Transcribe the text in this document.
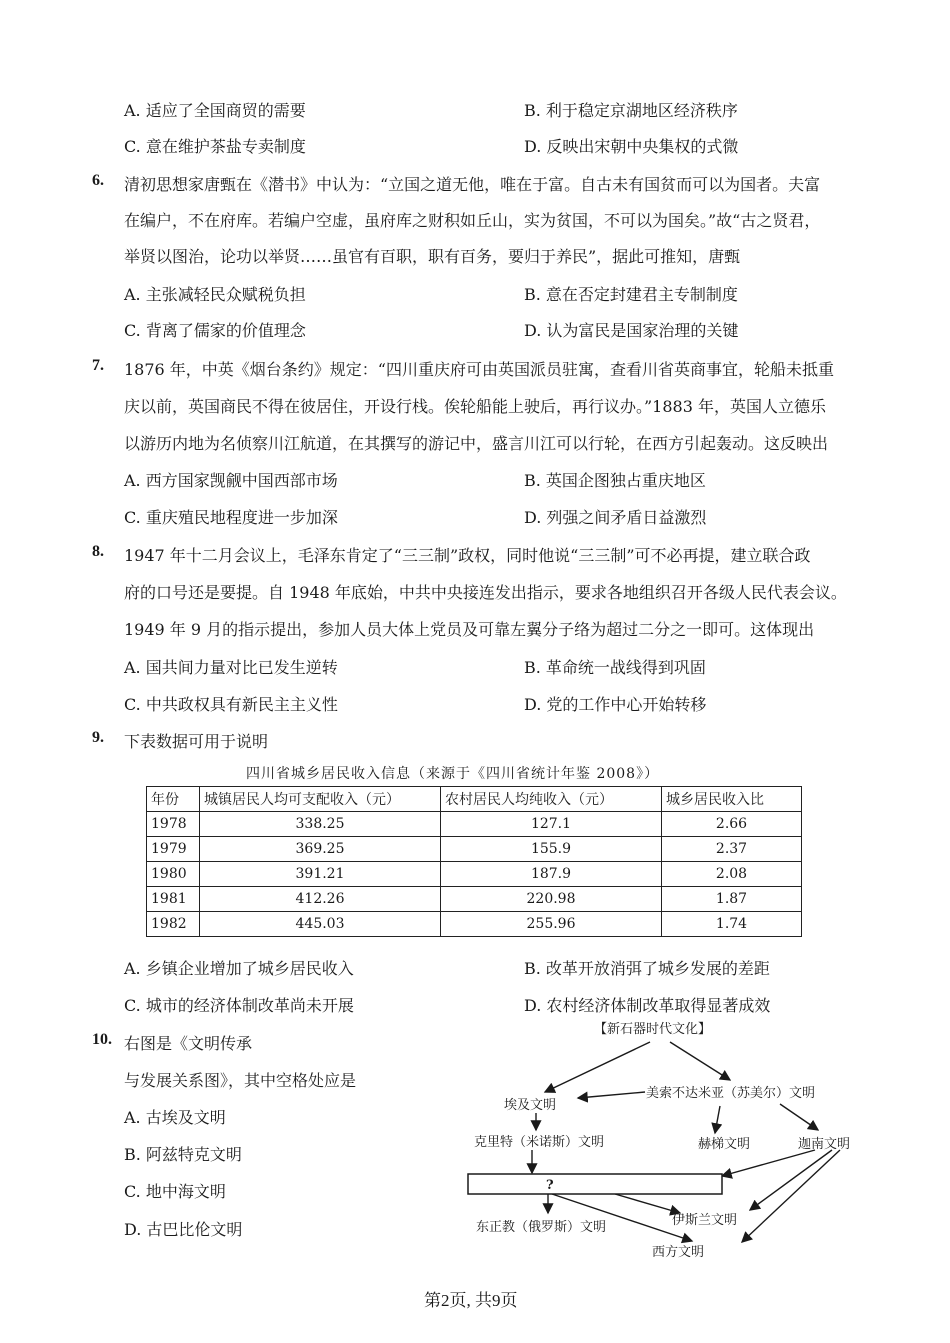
A. 适应了全国商贸的需要	B. 利于稳定京湖地区经济秩序
C. 意在维护茶盐专卖制度	D. 反映出宋朝中央集权的式微
6. 清初思想家唐甄在《潜书》中认为：“立国之道无他，唯在于富。自古未有国贫而可以为国者。夫富
在编户，不在府库。若编户空虚，虽府库之财积如丘山，实为贫国，不可以为国矣。”故“古之贤君，
举贤以图治，论功以举贤……虽官有百职，职有百务，要归于养民”，据此可推知，唐甄
A. 主张减轻民众赋税负担	B. 意在否定封建君主专制制度
C. 背离了儒家的价值理念	D. 认为富民是国家治理的关键
7. 1876 年，中英《烟台条约》规定：“四川重庆府可由英国派员驻寓，查看川省英商事宜，轮船未抵重
庆以前，英国商民不得在彼居住，开设行栈。俟轮船能上驶后，再行议办。”1883 年，英国人立德乐
以游历内地为名侦察川江航道，在其撰写的游记中，盛言川江可以行轮，在西方引起轰动。这反映出
A. 西方国家觊觎中国西部市场	B. 英国企图独占重庆地区
C. 重庆殖民地程度进一步加深	D. 列强之间矛盾日益激烈
8. 1947 年十二月会议上，毛泽东肯定了“三三制”政权，同时他说“三三制”可不必再提，建立联合政
府的口号还是要提。自 1948 年底始，中共中央接连发出指示，要求各地组织召开各级人民代表会议。
1949 年 9 月的指示提出，参加人员大体上党员及可靠左翼分子络为超过二分之一即可。这体现出
A. 国共间力量对比已发生逆转	B. 革命统一战线得到巩固
C. 中共政权具有新民主主义性	D. 党的工作中心开始转移
9. 下表数据可用于说明
四川省城乡居民收入信息（来源于《四川省统计年鉴 2008》）
年份	城镇居民人均可支配收入（元）	农村居民人均纯收入（元）	城乡居民收入比
1978	338.25	127.1	2.66
1979	369.25	155.9	2.37
1980	391.21	187.9	2.08
1981	412.26	220.98	1.87
1982	445.03	255.96	1.74
A. 乡镇企业增加了城乡居民收入	B. 改革开放消弭了城乡发展的差距
C. 城市的经济体制改革尚未开展	D. 农村经济体制改革取得显著成效
10. 右图是《文明传承
与发展关系图》，其中空格处应是
A. 古埃及文明
B. 阿兹特克文明
C. 地中海文明
D. 古巴比伦文明
【新石器时代文化】
埃及文明
美索不达米亚（苏美尔）文明
克里特（米诺斯）文明	赫梯文明	迦南文明
?
伊斯兰文明
东正教（俄罗斯）文明
西方文明
第2页, 共9页
